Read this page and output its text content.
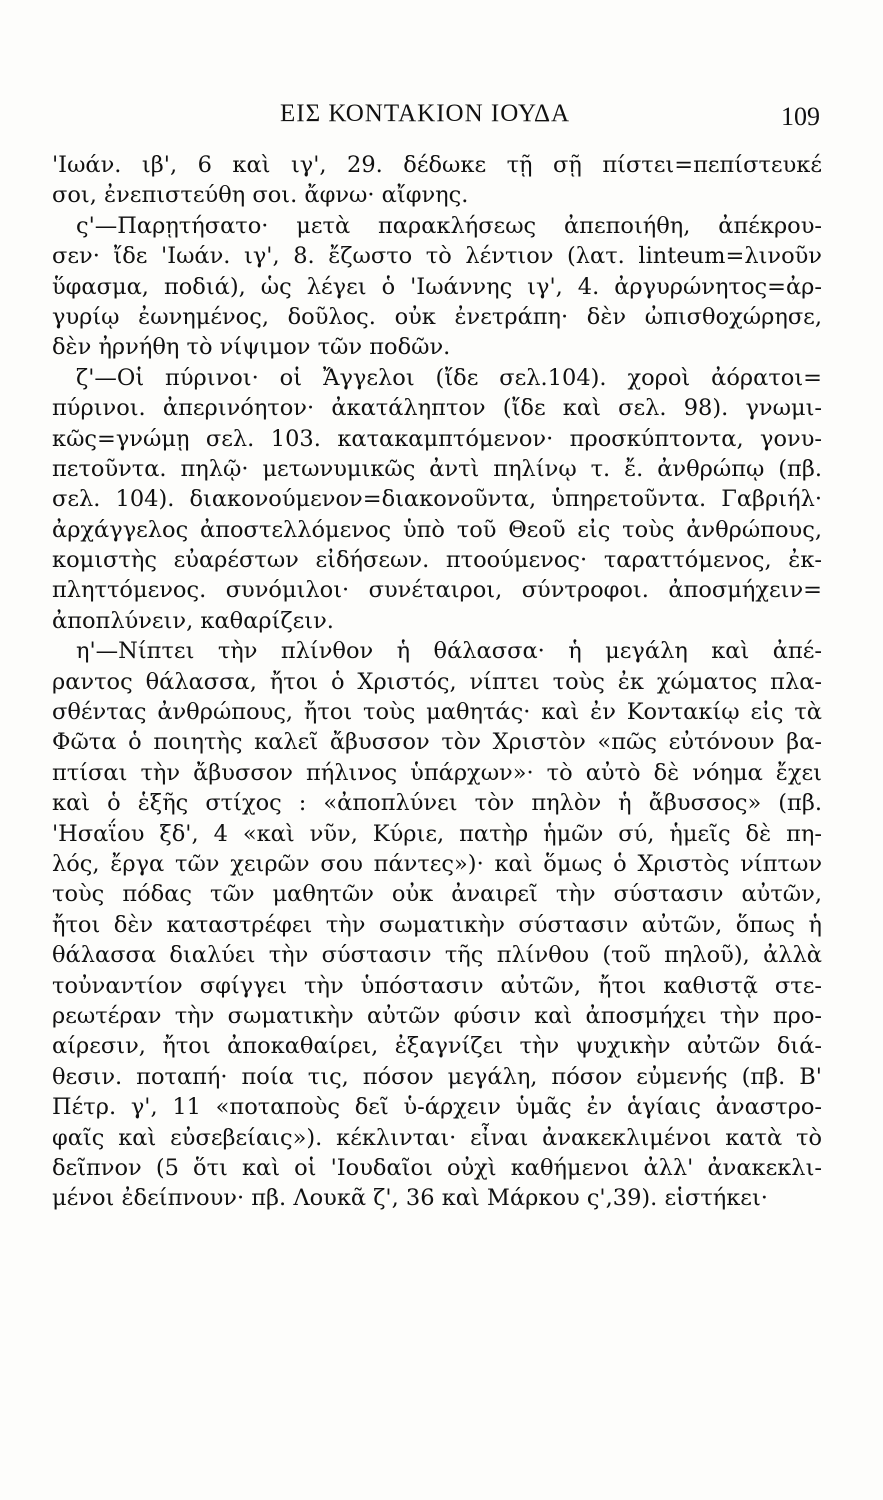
ΕΙΣ ΚΟΝΤΑΚΙΟΝ ΙΟΥΔΑ	109
'Ιωάν. ιβ', 6 καὶ ιγ', 29. δέδωκε τῇ σῇ πίστει=πεπίστευκέ
σοι, ἐνεπιστεύθη σοι. ἄφνω· αἴφνης.
ς'—Παρῃτήσατο· μετὰ παρακλήσεως ἀπεποιήθη, ἀπέκρου-
σεν· ἴδε 'Ιωάν. ιγ', 8. ἔζωστο τὸ λέντιον (λατ. linteum=λινοῦν
ὕφασμα, ποδιά), ὡς λέγει ὁ 'Ιωάννης ιγ', 4. ἀργυρώνητος=ἀρ-
γυρίῳ ἐωνημένος, δοῦλος. οὐκ ἐνετράπη· δὲν ὠπισθοχώρησε,
δὲν ἠρνήθη τὸ νίψιμον τῶν ποδῶν.
ζ'—Οἱ πύρινοι· οἱ Ἄγγελοι (ἴδε σελ.104). χοροὶ ἀόρατοι=
πύρινοι. ἀπερινόητον· ἀκατάληπτον (ἴδε καὶ σελ. 98). γνωμι-
κῶς=γνώμῃ σελ. 103. κατακαμπτόμενον· προσκύπτοντα, γονυ-
πετοῦντα. πηλῷ· μετωνυμικῶς ἀντὶ πηλίνῳ τ. ἔ. ἀνθρώπῳ (πβ.
σελ. 104). διακονούμενον=διακονοῦντα, ὑπηρετοῦντα. Γαβριήλ·
ἀρχάγγελος ἀποστελλόμενος ὑπὸ τοῦ Θεοῦ εἰς τοὺς ἀνθρώπους,
κομιστὴς εὐαρέστων εἰδήσεων. πτοούμενος· ταραττόμενος, ἐκ-
πληττόμενος. συνόμιλοι· συνέταιροι, σύντροφοι. ἀποσμήχειν=
ἀποπλύνειν, καθαρίζειν.
η'—Νίπτει τὴν πλίνθον ἡ θάλασσα· ἡ μεγάλη καὶ ἀπέ-
ραντος θάλασσα, ἤτοι ὁ Χριστός, νίπτει τοὺς ἐκ χώματος πλα-
σθέντας ἀνθρώπους, ἤτοι τοὺς μαθητάς· καὶ ἐν Κοντακίῳ εἰς τὰ
Φῶτα ὁ ποιητὴς καλεῖ ἄβυσσον τὸν Χριστὸν «πῶς εὐτόνουν βα-
πτίσαι τὴν ἄβυσσον πήλινος ὑπάρχων»· τὸ αὐτὸ δὲ νόημα ἔχει
καὶ ὁ ἑξῆς στίχος : «ἀποπλύνει τὸν πηλὸν ἡ ἄβυσσος» (πβ.
'Ησαΐου ξδ', 4 «καὶ νῦν, Κύριε, πατὴρ ἡμῶν σύ, ἡμεῖς δὲ πη-
λός, ἔργα τῶν χειρῶν σου πάντες»)· καὶ ὅμως ὁ Χριστὸς νίπτων
τοὺς πόδας τῶν μαθητῶν οὐκ ἀναιρεῖ τὴν σύστασιν αὐτῶν,
ἤτοι δὲν καταστρέφει τὴν σωματικὴν σύστασιν αὐτῶν, ὅπως ἡ
θάλασσα διαλύει τὴν σύστασιν τῆς πλίνθου (τοῦ πηλοῦ), ἀλλὰ
τοὐναντίον σφίγγει τὴν ὑπόστασιν αὐτῶν, ἤτοι καθιστᾷ στε-
ρεωτέραν τὴν σωματικὴν αὐτῶν φύσιν καὶ ἀποσμήχει τὴν προ-
αίρεσιν, ἤτοι ἀποκαθαίρει, ἐξαγνίζει τὴν ψυχικὴν αὐτῶν διά-
θεσιν. ποταπή· ποία τις, πόσον μεγάλη, πόσον εὐμενής (πβ. Β'
Πέτρ. γ', 11 «ποταποὺς δεῖ ὑ-άρχειν ὑμᾶς ἐν ἁγίαις ἀναστρο-
φαῖς καὶ εὐσεβείαις»). κέκλινται· εἶναι ἀνακεκλιμένοι κατὰ τὸ
δεῖπνον (5 ὅτι καὶ οἱ 'Ιουδαῖοι οὐχὶ καθήμενοι ἀλλ' ἀνακεκλι-
μένοι ἐδείπνουν· πβ. Λουκᾶ ζ', 36 καὶ Μάρκου ς',39). εἱστήκει·
